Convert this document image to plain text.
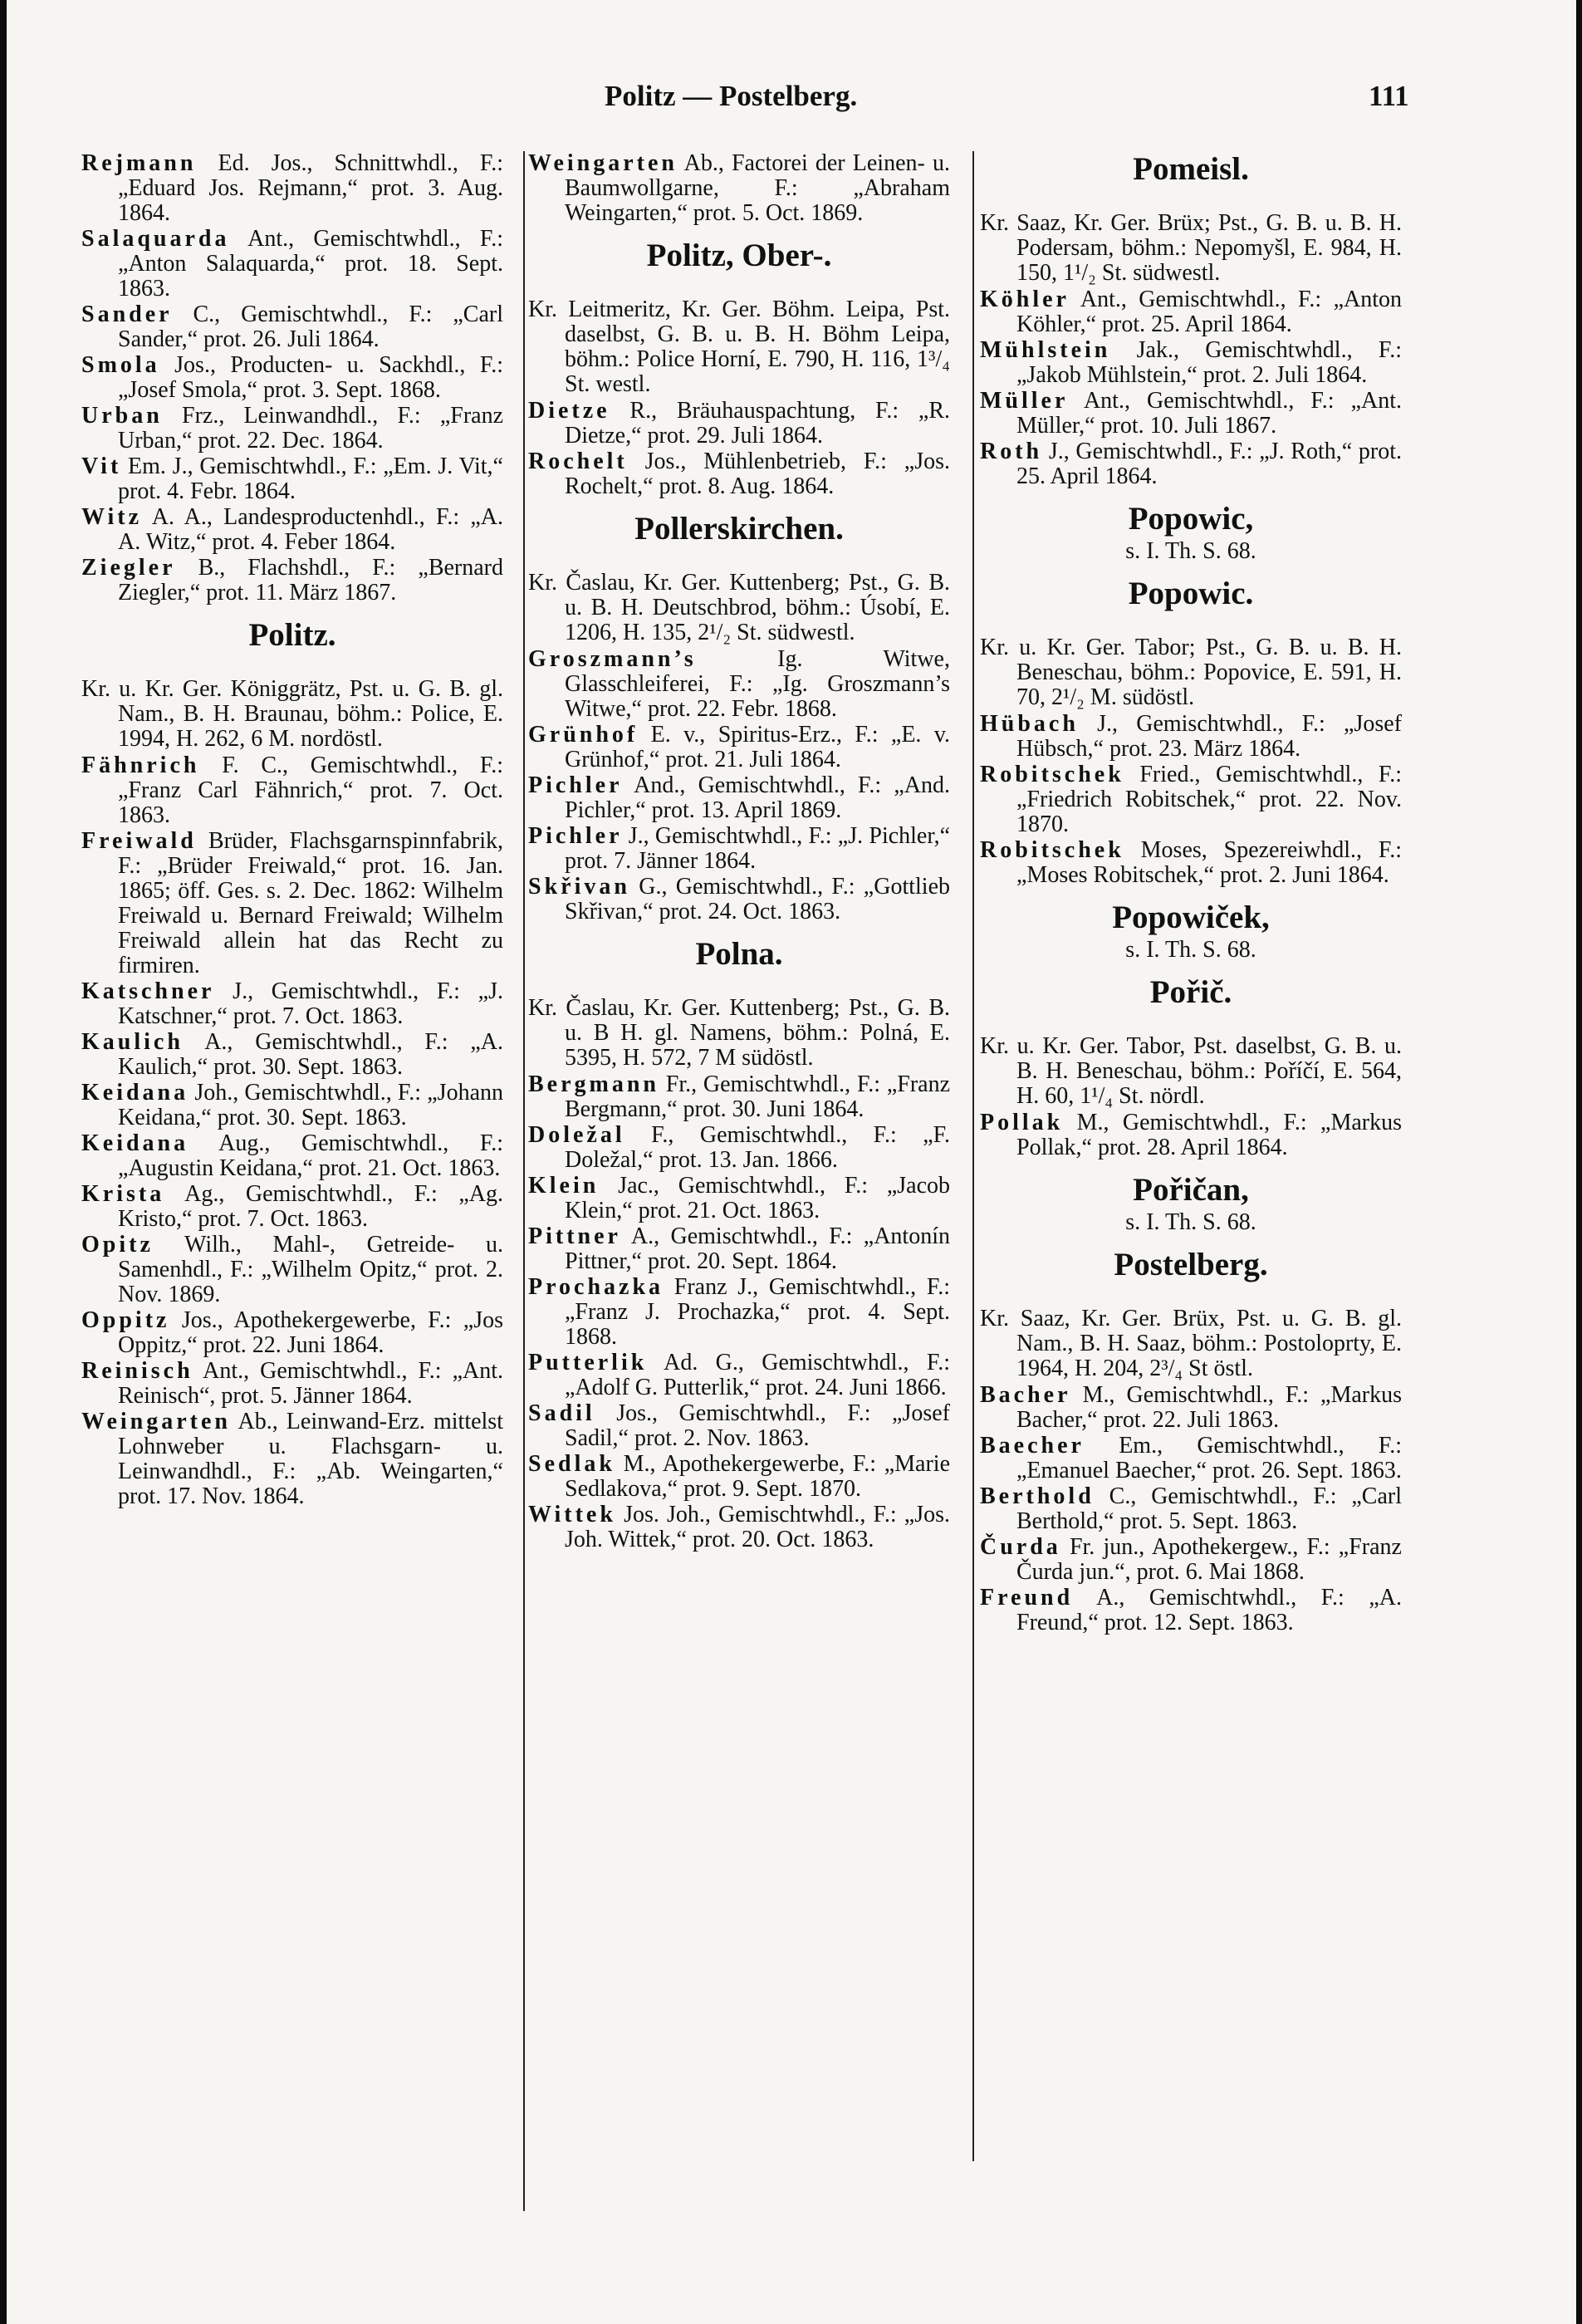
Politz — Postelberg.	111

Rejmann Ed. Jos., Schnittwhdl., F.: „Eduard Jos. Rejmann,“ prot. 3. Aug. 1864.

Salaquarda Ant., Gemischtwhdl., F.: „Anton Salaquarda,“ prot. 18. Sept. 1863.

Sander C., Gemischtwhdl., F.: „Carl Sander,“ prot. 26. Juli 1864.

Smola Jos., Producten- u. Sackhdl., F.: „Josef Smola,“ prot. 3. Sept. 1868.

Urban Frz., Leinwandhdl., F.: „Franz Urban,“ prot. 22. Dec. 1864.

Vit Em. J., Gemischtwhdl., F.: „Em. J. Vit,“ prot. 4. Febr. 1864.

Witz A. A., Landesproductenhdl., F.: „A. A. Witz,“ prot. 4. Feber 1864.

Ziegler B., Flachshdl., F.: „Bernard Ziegler,“ prot. 11. März 1867.

Politz.

Kr. u. Kr. Ger. Königgrätz, Pst. u. G. B. gl. Nam., B. H. Braunau, böhm.: Police, E. 1994, H. 262, 6 M. nordöstl.

Fähnrich F. C., Gemischtwhdl., F.: „Franz Carl Fähnrich,“ prot. 7. Oct. 1863.

Freiwald Brüder, Flachsgarnspinnfabrik, F.: „Brüder Freiwald,“ prot. 16. Jan. 1865; öff. Ges. s. 2. Dec. 1862: Wilhelm Freiwald u. Bernard Freiwald; Wilhelm Freiwald allein hat das Recht zu firmiren.

Katschner J., Gemischtwhdl., F.: „J. Katschner,“ prot. 7. Oct. 1863.

Kaulich A., Gemischtwhdl., F.: „A. Kaulich,“ prot. 30. Sept. 1863.

Keidana Joh., Gemischtwhdl., F.: „Johann Keidana,“ prot. 30. Sept. 1863.

Keidana Aug., Gemischtwhdl., F.: „Augustin Keidana,“ prot. 21. Oct. 1863.

Krista Ag., Gemischtwhdl., F.: „Ag. Kristo,“ prot. 7. Oct. 1863.

Opitz Wilh., Mahl-, Getreide- u. Samenhdl., F.: „Wilhelm Opitz,“ prot. 2. Nov. 1869.

Oppitz Jos., Apothekergewerbe, F.: „Jos Oppitz,“ prot. 22. Juni 1864.

Reinisch Ant., Gemischtwhdl., F.: „Ant. Reinisch“, prot. 5. Jänner 1864.

Weingarten Ab., Leinwand-Erz. mittelst Lohnweber u. Flachsgarn- u. Leinwandhdl., F.: „Ab. Weingarten,“ prot. 17. Nov. 1864.

Weingarten Ab., Factorei der Leinen- u. Baumwollgarne, F.: „Abraham Weingarten,“ prot. 5. Oct. 1869.

Politz, Ober-.

Kr. Leitmeritz, Kr. Ger. Böhm. Leipa, Pst. daselbst, G. B. u. B. H. Böhm Leipa, böhm.: Police Horní, E. 790, H. 116, 1³/₄ St. westl.

Dietze R., Bräuhauspachtung, F.: „R. Dietze,“ prot. 29. Juli 1864.

Rochelt Jos., Mühlenbetrieb, F.: „Jos. Rochelt,“ prot. 8. Aug. 1864.

Pollerskirchen.

Kr. Časlau, Kr. Ger. Kuttenberg; Pst., G. B. u. B. H. Deutschbrod, böhm.: Úsobí, E. 1206, H. 135, 2¹/₂ St. südwestl.

Groszmann’s Ig. Witwe, Glasschleiferei, F.: „Ig. Groszmann’s Witwe,“ prot. 22. Febr. 1868.

Grünhof E. v., Spiritus-Erz., F.: „E. v. Grünhof,“ prot. 21. Juli 1864.

Pichler And., Gemischtwhdl., F.: „And. Pichler,“ prot. 13. April 1869.

Pichler J., Gemischtwhdl., F.: „J. Pichler,“ prot. 7. Jänner 1864.

Skřivan G., Gemischtwhdl., F.: „Gottlieb Skřivan,“ prot. 24. Oct. 1863.

Polna.

Kr. Časlau, Kr. Ger. Kuttenberg; Pst., G. B. u. B H. gl. Namens, böhm.: Polná, E. 5395, H. 572, 7 M südöstl.

Bergmann Fr., Gemischtwhdl., F.: „Franz Bergmann,“ prot. 30. Juni 1864.

Doležal F., Gemischtwhdl., F.: „F. Doležal,“ prot. 13. Jan. 1866.

Klein Jac., Gemischtwhdl., F.: „Jacob Klein,“ prot. 21. Oct. 1863.

Pittner A., Gemischtwhdl., F.: „Antonín Pittner,“ prot. 20. Sept. 1864.

Prochazka Franz J., Gemischtwhdl., F.: „Franz J. Prochazka,“ prot. 4. Sept. 1868.

Putterlik Ad. G., Gemischtwhdl., F.: „Adolf G. Putterlik,“ prot. 24. Juni 1866.

Sadil Jos., Gemischtwhdl., F.: „Josef Sadil,“ prot. 2. Nov. 1863.

Sedlak M., Apothekergewerbe, F.: „Marie Sedlakova,“ prot. 9. Sept. 1870.

Wittek Jos. Joh., Gemischtwhdl., F.: „Jos. Joh. Wittek,“ prot. 20. Oct. 1863.

Pomeisl.

Kr. Saaz, Kr. Ger. Brüx; Pst., G. B. u. B. H. Podersam, böhm.: Nepomyšl, E. 984, H. 150, 1¹/₂ St. südwestl.

Köhler Ant., Gemischtwhdl., F.: „Anton Köhler,“ prot. 25. April 1864.

Mühlstein Jak., Gemischtwhdl., F.: „Jakob Mühlstein,“ prot. 2. Juli 1864.

Müller Ant., Gemischtwhdl., F.: „Ant. Müller,“ prot. 10. Juli 1867.

Roth J., Gemischtwhdl., F.: „J. Roth,“ prot. 25. April 1864.

Popowic,
s. I. Th. S. 68.
Popowic.

Kr. u. Kr. Ger. Tabor; Pst., G. B. u. B. H. Beneschau, böhm.: Popovice, E. 591, H. 70, 2¹/₂ M. südöstl.

Hübach J., Gemischtwhdl., F.: „Josef Hübsch,“ prot. 23. März 1864.

Robitschek Fried., Gemischtwhdl., F.: „Friedrich Robitschek,“ prot. 22. Nov. 1870.

Robitschek Moses, Spezereiwhdl., F.: „Moses Robitschek,“ prot. 2. Juni 1864.

Popowiček,
s. I. Th. S. 68.
Pořič.

Kr. u. Kr. Ger. Tabor, Pst. daselbst, G. B. u. B. H. Beneschau, böhm.: Poříčí, E. 564, H. 60, 1¹/₄ St. nördl.

Pollak M., Gemischtwhdl., F.: „Markus Pollak,“ prot. 28. April 1864.

Pořičan,
s. I. Th. S. 68.
Postelberg.

Kr. Saaz, Kr. Ger. Brüx, Pst. u. G. B. gl. Nam., B. H. Saaz, böhm.: Postoloprty, E. 1964, H. 204, 2³/₄ St östl.

Bacher M., Gemischtwhdl., F.: „Markus Bacher,“ prot. 22. Juli 1863.

Baecher Em., Gemischtwhdl., F.: „Emanuel Baecher,“ prot. 26. Sept. 1863.

Berthold C., Gemischtwhdl., F.: „Carl Berthold,“ prot. 5. Sept. 1863.

Čurda Fr. jun., Apothekergew., F.: „Franz Čurda jun.“, prot. 6. Mai 1868.

Freund A., Gemischtwhdl., F.: „A. Freund,“ prot. 12. Sept. 1863.
